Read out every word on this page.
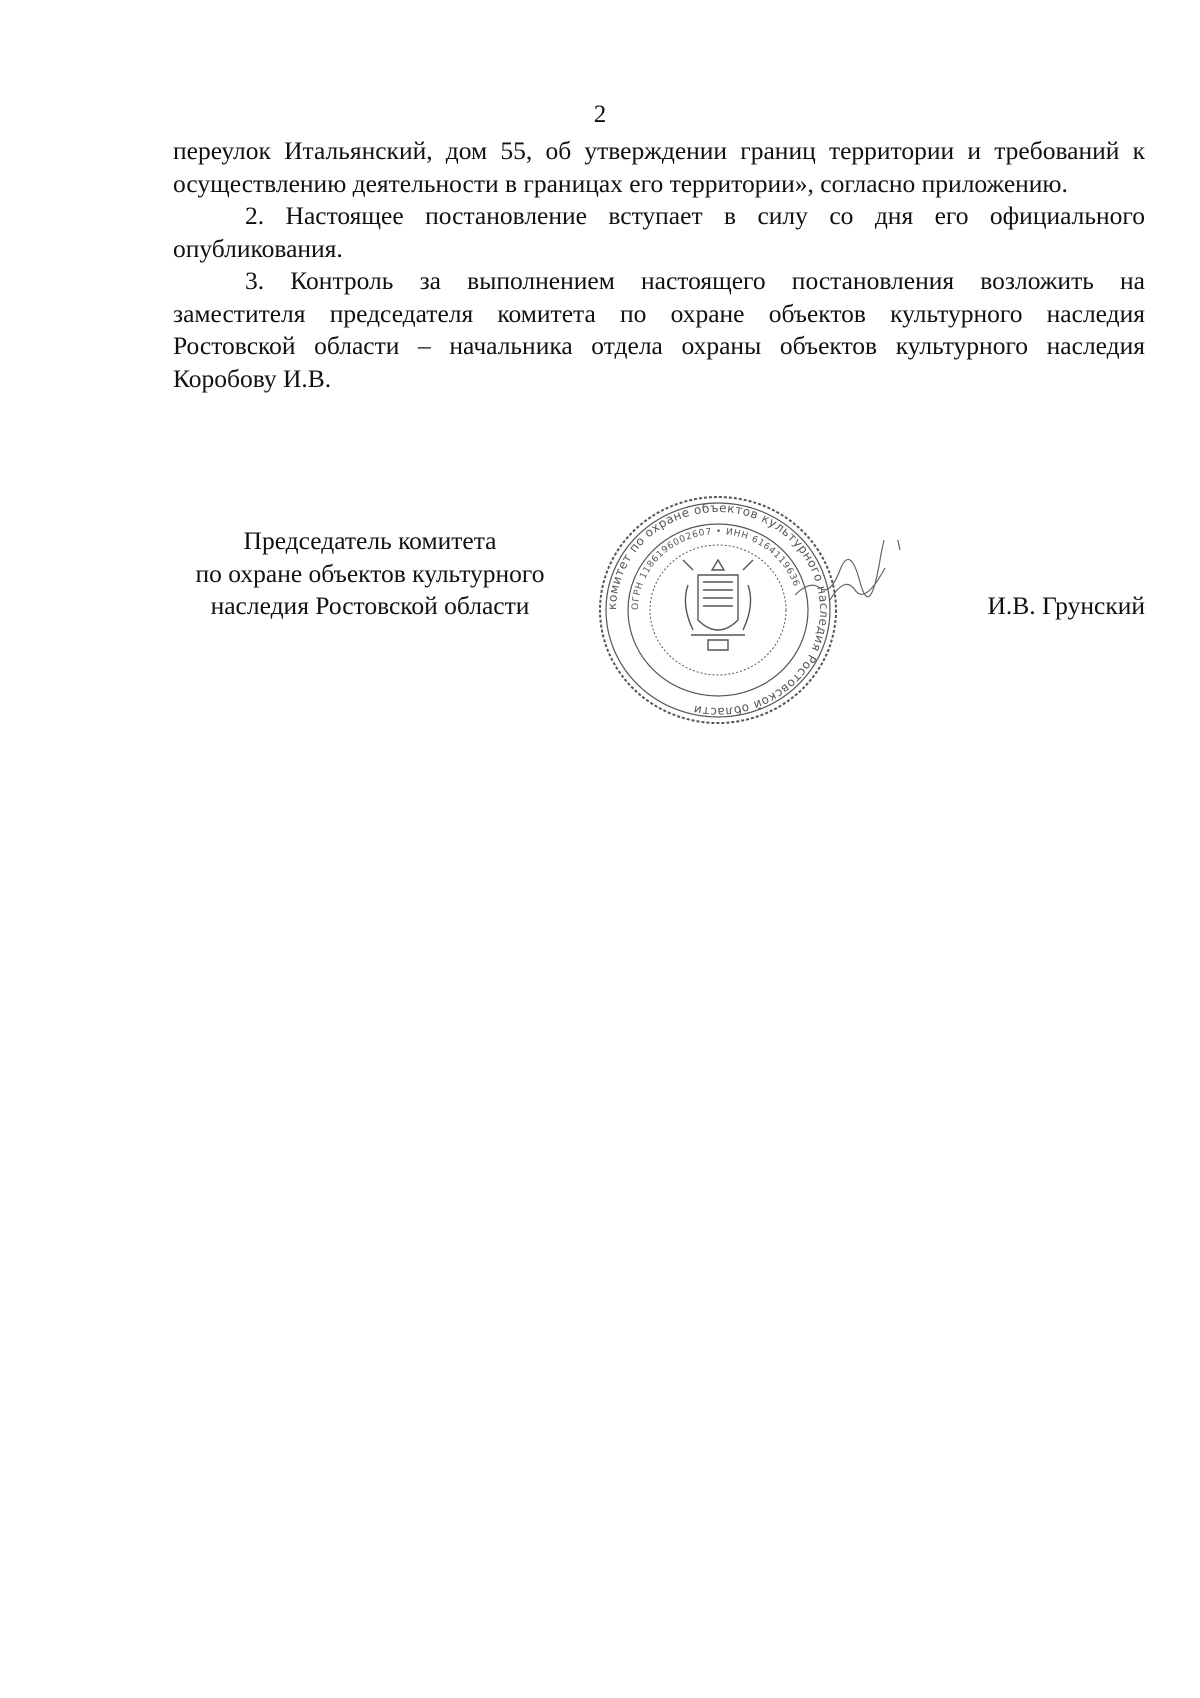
2

переулок Итальянский, дом 55, об утверждении границ территории и требований к осуществлению деятельности в границах его территории», согласно приложению.

2. Настоящее постановление вступает в силу со дня его официального опубликования.

3. Контроль за выполнением настоящего постановления возложить на заместителя председателя комитета по охране объектов культурного наследия Ростовской области – начальника отдела охраны объектов культурного наследия Коробову И.В.

Председатель комитета
по охране объектов культурного
наследия Ростовской области	комитет по охране объектов культурного наследия Ростовской области
ОГРН 1186196002607 • ИНН 6164119636
И.В. Грунский
